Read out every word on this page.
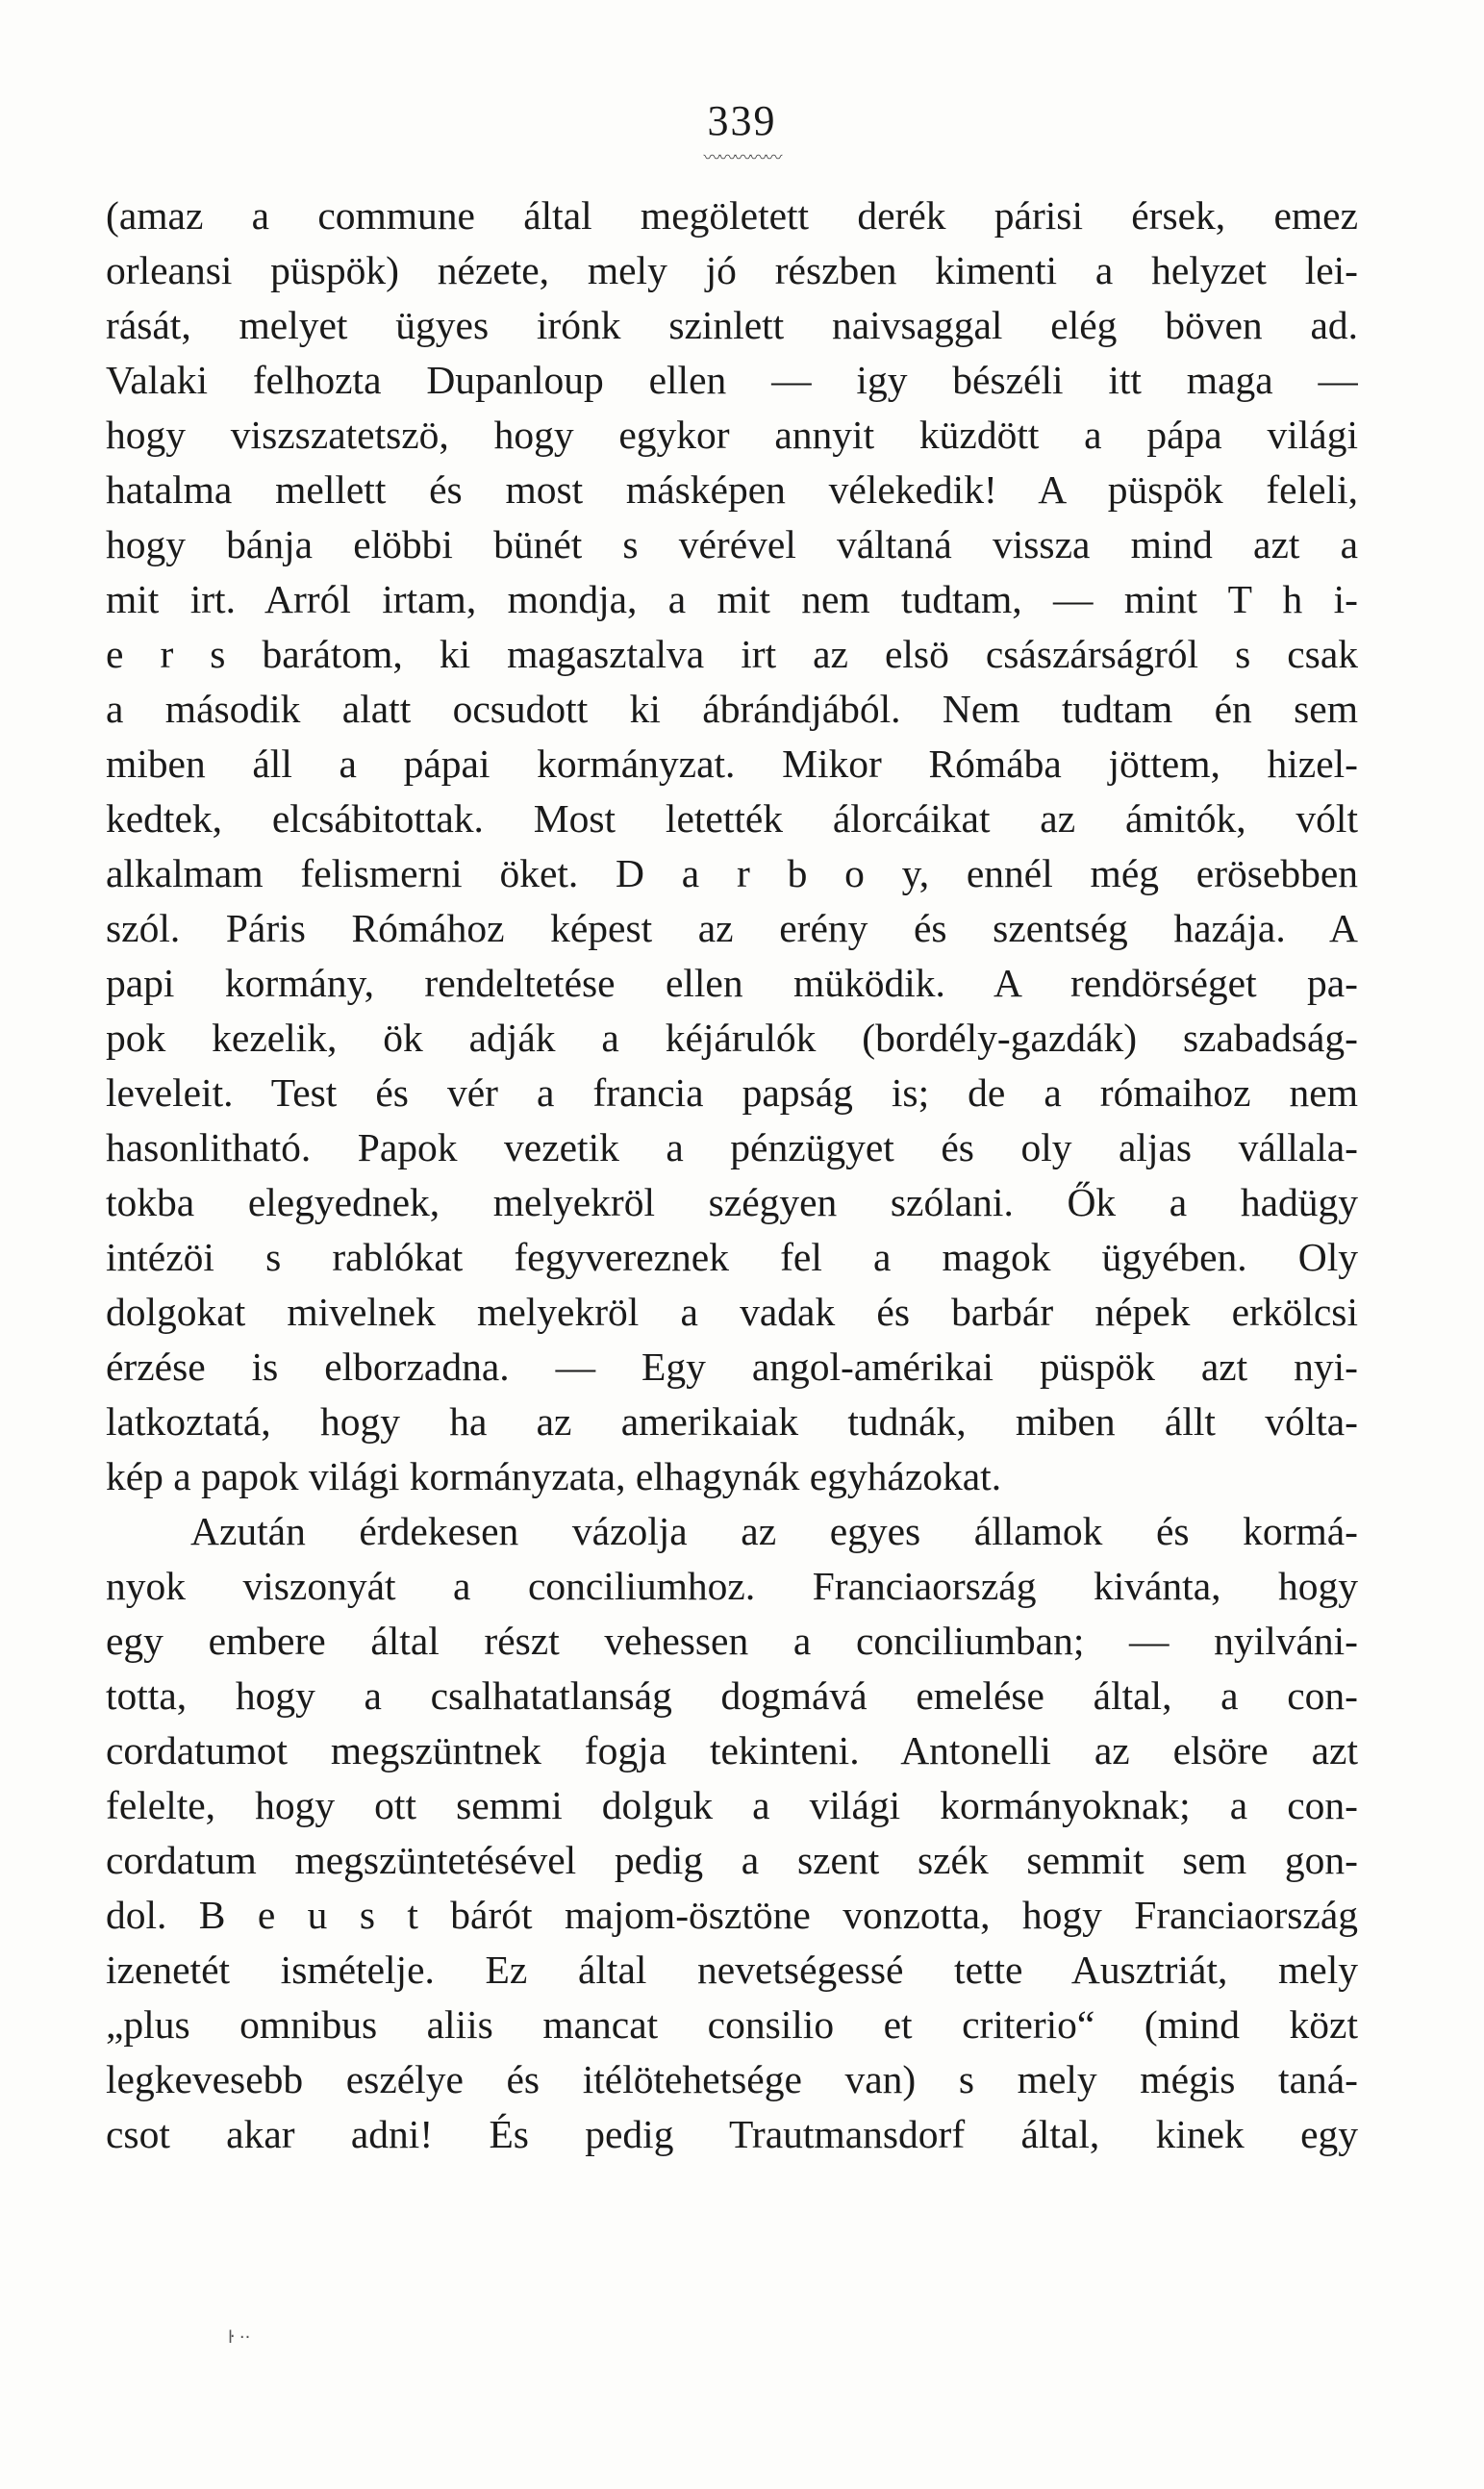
339
〰〰〰〰〰
(amaz a commune által megöletett derék párisi érsek, emez
orleansi püspök) nézete, mely jó részben kimenti a helyzet lei-
rását, melyet ügyes irónk szinlett naivsaggal elég böven ad.
Valaki felhozta Dupanloup ellen — igy bészéli itt maga —
hogy viszszatetszö, hogy egykor annyit küzdött a pápa világi
hatalma mellett és most másképen vélekedik! A püspök feleli,
hogy bánja elöbbi bünét s vérével váltaná vissza mind azt a
mit irt. Arról irtam, mondja, a mit nem tudtam, — mint T h i-
e r s barátom, ki magasztalva irt az elsö császárságról s csak
a második alatt ocsudott ki ábrándjából. Nem tudtam én sem
miben áll a pápai kormányzat. Mikor Rómába jöttem, hizel-
kedtek, elcsábitottak. Most letették álorcáikat az ámitók, vólt
alkalmam felismerni öket. D a r b o y, ennél még erösebben
szól. Páris Rómához képest az erény és szentség hazája. A
papi kormány, rendeltetése ellen müködik. A rendörséget pa-
pok kezelik, ök adják a kéjárulók (bordély-gazdák) szabadság-
leveleit. Test és vér a francia papság is; de a rómaihoz nem
hasonlitható. Papok vezetik a pénzügyet és oly aljas vállala-
tokba elegyednek, melyekröl szégyen szólani. Ők a hadügy
intézöi s rablókat fegyvereznek fel a magok ügyében. Oly
dolgokat mivelnek melyekröl a vadak és barbár népek erkölcsi
érzése is elborzadna. — Egy angol-amérikai püspök azt nyi-
latkoztatá, hogy ha az amerikaiak tudnák, miben állt vólta-
kép a papok világi kormányzata, elhagynák egyházokat.
Azután érdekesen vázolja az egyes államok és kormá-
nyok viszonyát a conciliumhoz. Franciaország kivánta, hogy
egy embere által részt vehessen a conciliumban; — nyilváni-
totta, hogy a csalhatatlanság dogmává emelése által, a con-
cordatumot megszüntnek fogja tekinteni. Antonelli az elsöre azt
felelte, hogy ott semmi dolguk a világi kormányoknak; a con-
cordatum megszüntetésével pedig a szent szék semmit sem gon-
dol. B e u s t bárót majom-ösztöne vonzotta, hogy Franciaország
izenetét ismételje. Ez által nevetségessé tette Ausztriát, mely
„plus omnibus aliis mancat consilio et criterio“ (mind közt
legkevesebb eszélye és itélötehetsége van) s mely mégis taná-
csot akar adni! És pedig Trautmansdorf által, kinek egy
ŀ ··
